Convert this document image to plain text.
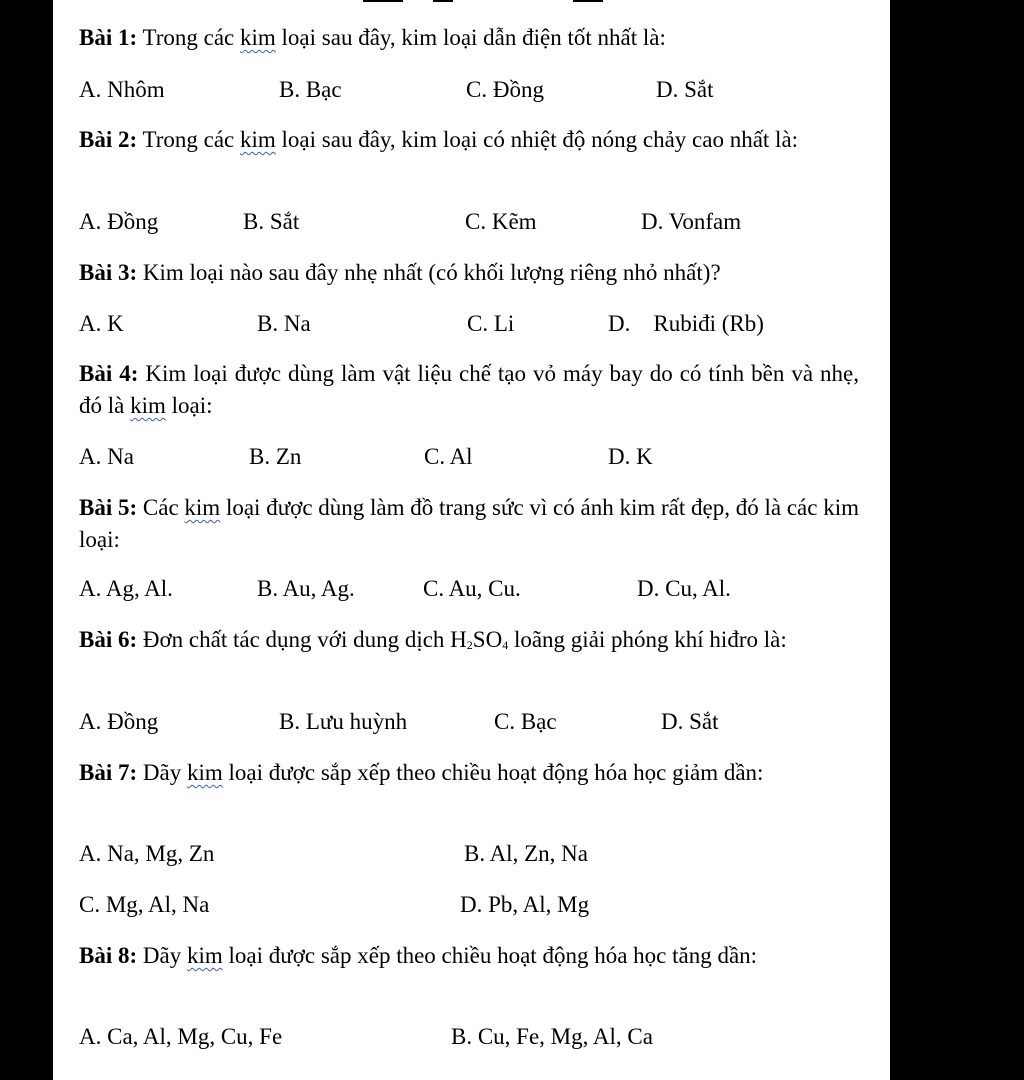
Bài 1: Trong các kim loại sau đây, kim loại dẫn điện tốt nhất là:
A. Nhôm	B. Bạc	C. Đồng	D. Sắt
Bài 2: Trong các kim loại sau đây, kim loại có nhiệt độ nóng chảy cao nhất là:
A. Đồng	B. Sắt	C. Kẽm	D. Vonfam
Bài 3: Kim loại nào sau đây nhẹ nhất (có khối lượng riêng nhỏ nhất)?
A. K	B. Na	C. Li	D.    Rubiđi (Rb)
Bài 4: Kim loại được dùng làm vật liệu chế tạo vỏ máy bay do có tính bền và nhẹ, đó là kim loại:
A. Na	B. Zn	C. Al	D. K
Bài 5: Các kim loại được dùng làm đồ trang sức vì có ánh kim rất đẹp, đó là các kim loại:
A. Ag, Al.	B. Au, Ag.	C. Au, Cu.	D. Cu, Al.
Bài 6: Đơn chất tác dụng với dung dịch $H_2SO_4$ loãng giải phóng khí hiđro là:
A. Đồng	B. Lưu huỳnh	C. Bạc	D. Sắt
Bài 7: Dãy kim loại được sắp xếp theo chiều hoạt động hóa học giảm dần:
A. Na, Mg, Zn	B. Al, Zn, Na
C. Mg, Al, Na	D. Pb, Al, Mg
Bài 8: Dãy kim loại được sắp xếp theo chiều hoạt động hóa học tăng dần:
A. Ca, Al, Mg, Cu, Fe	B. Cu, Fe, Mg, Al, Ca
